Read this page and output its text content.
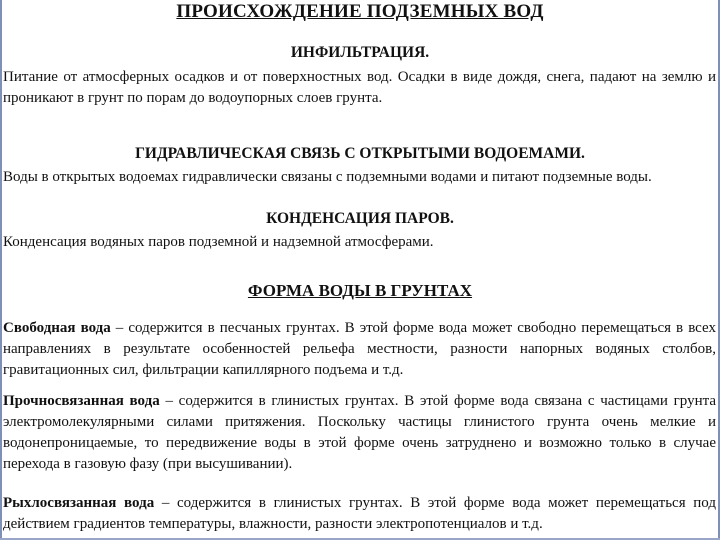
ПРОИСХОЖДЕНИЕ ПОДЗЕМНЫХ ВОД
ИНФИЛЬТРАЦИЯ.

Питание от атмосферных осадков и от поверхностных вод. Осадки в виде дождя, снега, падают на землю и проникают в грунт по порам до водоупорных слоев грунта.

ГИДРАВЛИЧЕСКАЯ СВЯЗЬ С ОТКРЫТЫМИ ВОДОЕМАМИ.

Воды в открытых водоемах гидравлически связаны с подземными водами и питают подземные воды.

КОНДЕНСАЦИЯ ПАРОВ.

Конденсация водяных паров подземной и надземной атмосферами.

ФОРМА ВОДЫ В ГРУНТАХ

Свободная вода – содержится в песчаных грунтах. В этой форме вода может свободно перемещаться в всех направлениях в результате особенностей рельефа местности, разности напорных водяных столбов, гравитационных сил, фильтрации капиллярного подъема и т.д.

Прочносвязанная вода – содержится в глинистых грунтах. В этой форме вода связана с частицами грунта электромолекулярными силами притяжения. Поскольку частицы глинистого грунта очень мелкие и водонепроницаемые, то передвижение воды в этой форме очень затруднено и возможно только в случае перехода в газовую фазу (при высушивании).

Рыхлосвязанная вода – содержится в глинистых грунтах. В этой форме вода может перемещаться под действием градиентов температуры, влажности, разности электропотенциалов и т.д.
